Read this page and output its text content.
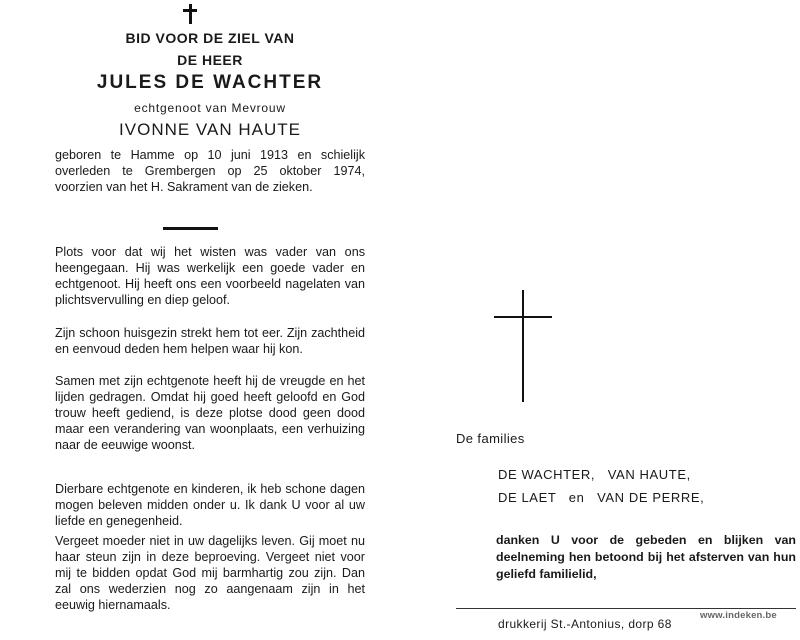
BID VOOR DE ZIEL VAN
DE HEER
JULES DE WACHTER
echtgenoot van Mevrouw
IVONNE VAN HAUTE
geboren te Hamme op 10 juni 1913 en schielijk overleden te Grembergen op 25 oktober 1974, voorzien van het H. Sakrament van de zieken.
Plots voor dat wij het wisten was vader van ons heengegaan. Hij was werkelijk een goede vader en echtgenoot. Hij heeft ons een voorbeeld nagelaten van plichtsvervulling en diep geloof.
Zijn schoon huisgezin strekt hem tot eer. Zijn zachtheid en eenvoud deden hem helpen waar hij kon.
Samen met zijn echtgenote heeft hij de vreugde en het lijden gedragen. Omdat hij goed heeft geloofd en God trouw heeft gediend, is deze plotse dood geen dood maar een verandering van woonplaats, een verhuizing naar de eeuwige woonst.
Dierbare echtgenote en kinderen, ik heb schone dagen mogen beleven midden onder u. Ik dank U voor al uw liefde en genegenheid.
Vergeet moeder niet in uw dagelijks leven. Gij moet nu haar steun zijn in deze beproeving. Vergeet niet voor mij te bidden opdat God mij barmhartig zou zijn. Dan zal ons wederzien nog zo aangenaam zijn in het eeuwig hiernamaals.
De families
DE WACHTER,   VAN HAUTE,
DE LAET   en   VAN DE PERRE,
danken U voor de gebeden en blijken van deelneming hen betoond bij het afsterven van hun geliefd familielid,
drukkerij St.-Antonius, dorp 68
www.indeken.be
